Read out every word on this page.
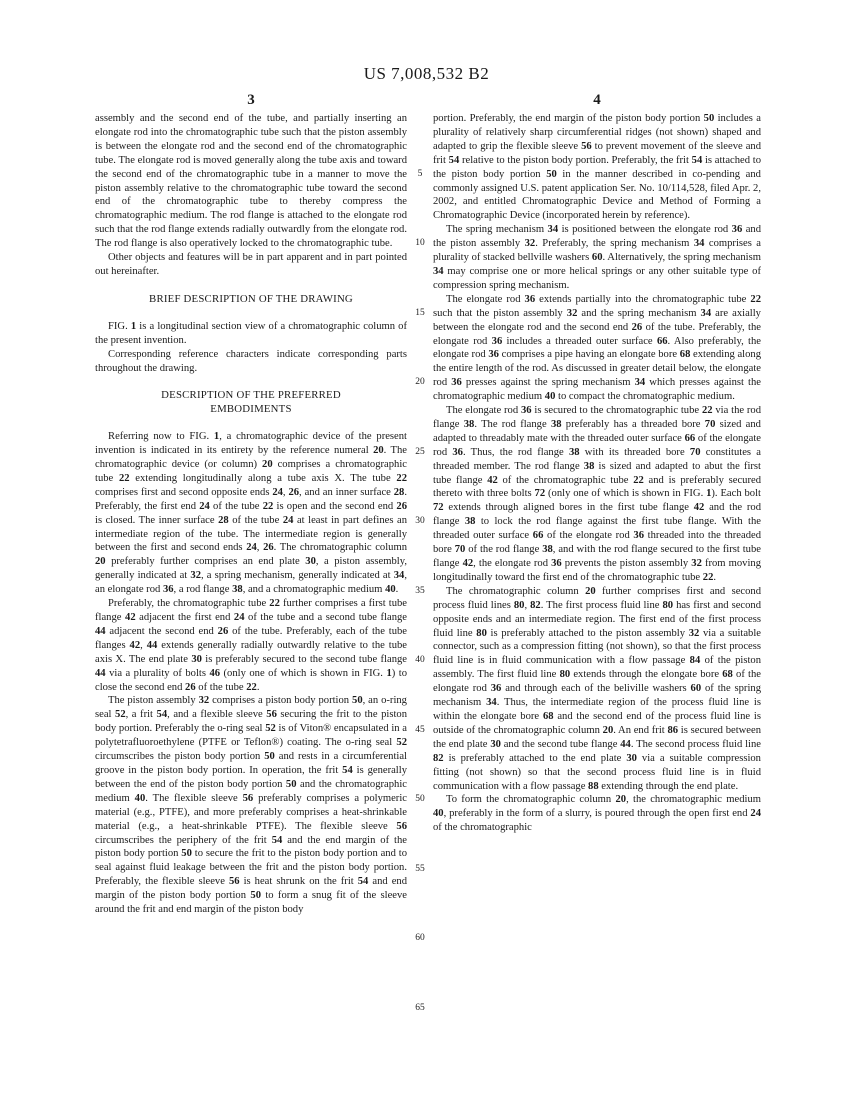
US 7,008,532 B2
3	4
assembly and the second end of the tube, and partially inserting an elongate rod into the chromatographic tube such that the piston assembly is between the elongate rod and the second end of the chromatographic tube. The elongate rod is moved generally along the tube axis and toward the second end of the chromatographic tube in a manner to move the piston assembly relative to the chromatographic tube toward the second end of the chromatographic tube to thereby compress the chromatographic medium. The rod flange is attached to the elongate rod such that the rod flange extends radially outwardly from the elongate rod. The rod flange is also operatively locked to the chromatographic tube.
Other objects and features will be in part apparent and in part pointed out hereinafter.
BRIEF DESCRIPTION OF THE DRAWING
FIG. 1 is a longitudinal section view of a chromatographic column of the present invention.
Corresponding reference characters indicate corresponding parts throughout the drawing.
DESCRIPTION OF THE PREFERRED
EMBODIMENTS
Referring now to FIG. 1, a chromatographic device of the present invention is indicated in its entirety by the reference numeral 20. The chromatographic device (or column) 20 comprises a chromatographic tube 22 extending longitudinally along a tube axis X. The tube 22 comprises first and second opposite ends 24, 26, and an inner surface 28. Preferably, the first end 24 of the tube 22 is open and the second end 26 is closed. The inner surface 28 of the tube 24 at least in part defines an intermediate region of the tube. The intermediate region is generally between the first and second ends 24, 26. The chromatographic column 20 preferably further comprises an end plate 30, a piston assembly, generally indicated at 32, a spring mechanism, generally indicated at 34, an elongate rod 36, a rod flange 38, and a chromatographic medium 40.
Preferably, the chromatographic tube 22 further comprises a first tube flange 42 adjacent the first end 24 of the tube and a second tube flange 44 adjacent the second end 26 of the tube. Preferably, each of the tube flanges 42, 44 extends generally radially outwardly relative to the tube axis X. The end plate 30 is preferably secured to the second tube flange 44 via a plurality of bolts 46 (only one of which is shown in FIG. 1) to close the second end 26 of the tube 22.
The piston assembly 32 comprises a piston body portion 50, an o-ring seal 52, a frit 54, and a flexible sleeve 56 securing the frit to the piston body portion. Preferably the o-ring seal 52 is of Viton® encapsulated in a polytetrafluoroethylene (PTFE or Teflon®) coating. The o-ring seal 52 circumscribes the piston body portion 50 and rests in a circumferential groove in the piston body portion. In operation, the frit 54 is generally between the end of the piston body portion 50 and the chromatographic medium 40. The flexible sleeve 56 preferably comprises a polymeric material (e.g., PTFE), and more preferably comprises a heat-shrinkable material (e.g., a heat-shrinkable PTFE). The flexible sleeve 56 circumscribes the periphery of the frit 54 and the end margin of the piston body portion 50 to secure the frit to the piston body portion and to seal against fluid leakage between the frit and the piston body portion. Preferably, the flexible sleeve 56 is heat shrunk on the frit 54 and end margin of the piston body portion 50 to form a snug fit of the sleeve around the frit and end margin of the piston body
5
10
15
20
25
30
35
40
45
50
55
60
65
portion. Preferably, the end margin of the piston body portion 50 includes a plurality of relatively sharp circumferential ridges (not shown) shaped and adapted to grip the flexible sleeve 56 to prevent movement of the sleeve and frit 54 relative to the piston body portion. Preferably, the frit 54 is attached to the piston body portion 50 in the manner described in co-pending and commonly assigned U.S. patent application Ser. No. 10/114,528, filed Apr. 2, 2002, and entitled Chromatographic Device and Method of Forming a Chromatographic Device (incorporated herein by reference).
The spring mechanism 34 is positioned between the elongate rod 36 and the piston assembly 32. Preferably, the spring mechanism 34 comprises a plurality of stacked bellville washers 60. Alternatively, the spring mechanism 34 may comprise one or more helical springs or any other suitable type of compression spring mechanism.
The elongate rod 36 extends partially into the chromatographic tube 22 such that the piston assembly 32 and the spring mechanism 34 are axially between the elongate rod and the second end 26 of the tube. Preferably, the elongate rod 36 includes a threaded outer surface 66. Also preferably, the elongate rod 36 comprises a pipe having an elongate bore 68 extending along the entire length of the rod. As discussed in greater detail below, the elongate rod 36 presses against the spring mechanism 34 which presses against the chromatographic medium 40 to compact the chromatographic medium.
The elongate rod 36 is secured to the chromatographic tube 22 via the rod flange 38. The rod flange 38 preferably has a threaded bore 70 sized and adapted to threadably mate with the threaded outer surface 66 of the elongate rod 36. Thus, the rod flange 38 with its threaded bore 70 constitutes a threaded member. The rod flange 38 is sized and adapted to abut the first tube flange 42 of the chromatographic tube 22 and is preferably secured thereto with three bolts 72 (only one of which is shown in FIG. 1). Each bolt 72 extends through aligned bores in the first tube flange 42 and the rod flange 38 to lock the rod flange against the first tube flange. With the threaded outer surface 66 of the elongate rod 36 threaded into the threaded bore 70 of the rod flange 38, and with the rod flange secured to the first tube flange 42, the elongate rod 36 prevents the piston assembly 32 from moving longitudinally toward the first end of the chromatographic tube 22.
The chromatographic column 20 further comprises first and second process fluid lines 80, 82. The first process fluid line 80 has first and second opposite ends and an intermediate region. The first end of the first process fluid line 80 is preferably attached to the piston assembly 32 via a suitable connector, such as a compression fitting (not shown), so that the first process fluid line is in fluid communication with a flow passage 84 of the piston assembly. The first fluid line 80 extends through the elongate bore 68 of the elongate rod 36 and through each of the beliville washers 60 of the spring mechanism 34. Thus, the intermediate region of the process fluid line is within the elongate bore 68 and the second end of the process fluid line is outside of the chromatographic column 20. An end frit 86 is secured between the end plate 30 and the second tube flange 44. The second process fluid line 82 is preferably attached to the end plate 30 via a suitable compression fitting (not shown) so that the second process fluid line is in fluid communication with a flow passage 88 extending through the end plate.
To form the chromatographic column 20, the chromatographic medium 40, preferably in the form of a slurry, is poured through the open first end 24 of the chromatographic
